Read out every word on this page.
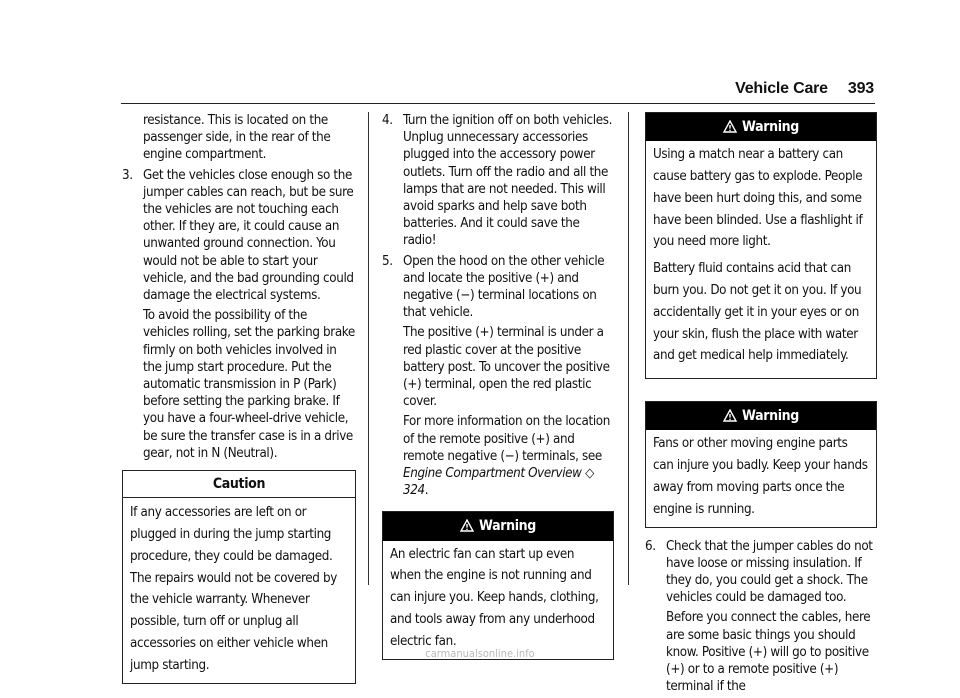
Vehicle Care 393

resistance. This is located on the passenger side, in the rear of the engine compartment.

3. Get the vehicles close enough so the jumper cables can reach, but be sure the vehicles are not touching each other. If they are, it could cause an unwanted ground connection. You would not be able to start your vehicle, and the bad grounding could damage the electrical systems.

To avoid the possibility of the vehicles rolling, set the parking brake firmly on both vehicles involved in the jump start procedure. Put the automatic transmission in P (Park) before setting the parking brake. If you have a four-wheel-drive vehicle, be sure the transfer case is in a drive gear, not in N (Neutral).

Caution
If any accessories are left on or plugged in during the jump starting procedure, they could be damaged. The repairs would not be covered by the vehicle warranty. Whenever possible, turn off or unplug all accessories on either vehicle when jump starting.
4. Turn the ignition off on both vehicles. Unplug unnecessary accessories plugged into the accessory power outlets. Turn off the radio and all the lamps that are not needed. This will avoid sparks and help save both batteries. And it could save the radio!
5. Open the hood on the other vehicle and locate the positive (+) and negative (−) terminal locations on that vehicle.

The positive (+) terminal is under a red plastic cover at the positive battery post. To uncover the positive (+) terminal, open the red plastic cover.

For more information on the location of the remote positive (+) and remote negative (−) terminals, see Engine Compartment Overview ◇ 324.

Warning
An electric fan can start up even when the engine is not running and can injure you. Keep hands, clothing, and tools away from any underhood electric fan.
Warning

Using a match near a battery can cause battery gas to explode. People have been hurt doing this, and some have been blinded. Use a flashlight if you need more light.

Battery fluid contains acid that can burn you. Do not get it on you. If you accidentally get it in your eyes or on your skin, flush the place with water and get medical help immediately.

Warning
Fans or other moving engine parts can injure you badly. Keep your hands away from moving parts once the engine is running.
6. Check that the jumper cables do not have loose or missing insulation. If they do, you could get a shock. The vehicles could be damaged too.

Before you connect the cables, here are some basic things you should know. Positive (+) will go to positive (+) or to a remote positive (+) terminal if the

carmanualsonline.info
